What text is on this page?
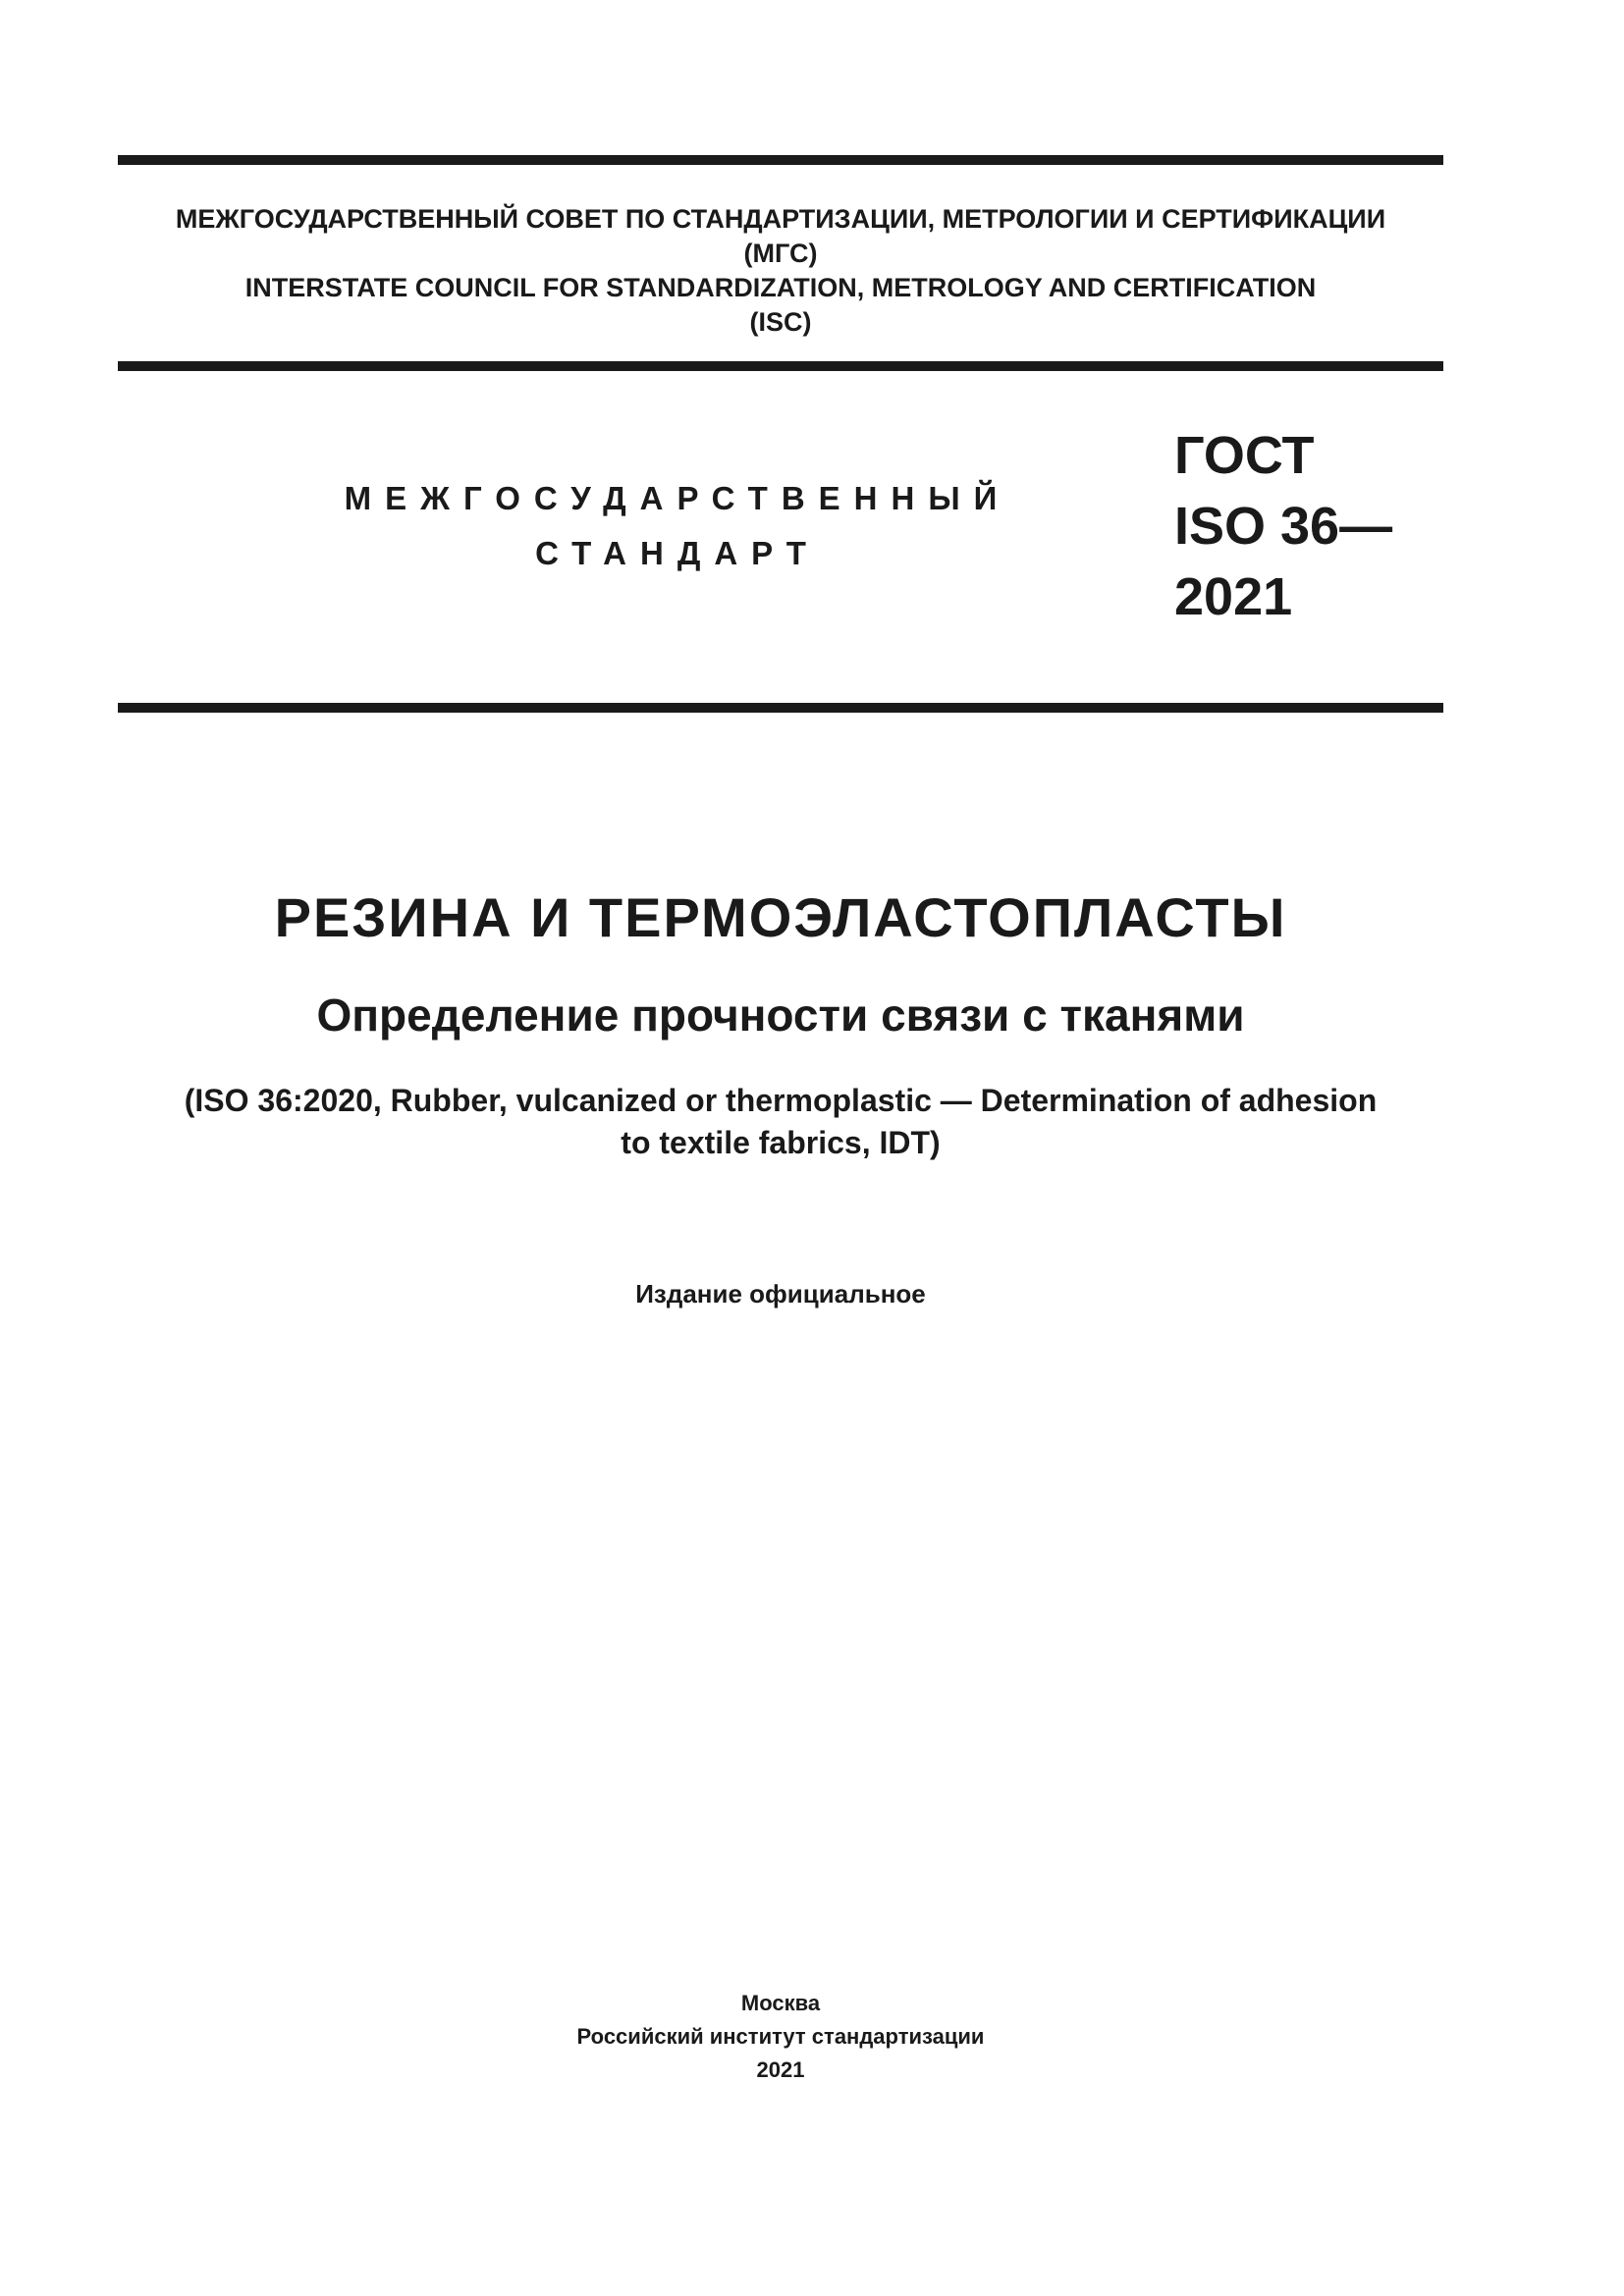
МЕЖГОСУДАРСТВЕННЫЙ СОВЕТ ПО СТАНДАРТИЗАЦИИ, МЕТРОЛОГИИ И СЕРТИФИКАЦИИ
(МГС)
INTERSTATE COUNCIL FOR STANDARDIZATION, METROLOGY AND CERTIFICATION
(ISC)
МЕЖГОСУДАРСТВЕННЫЙ
СТАНДАРТ
ГОСТ
ISO 36—
2021
РЕЗИНА И ТЕРМОЭЛАСТОПЛАСТЫ
Определение прочности связи с тканями
(ISO 36:2020, Rubber, vulcanized or thermoplastic — Determination of adhesion
to textile fabrics, IDT)
Издание официальное
Москва
Российский институт стандартизации
2021
